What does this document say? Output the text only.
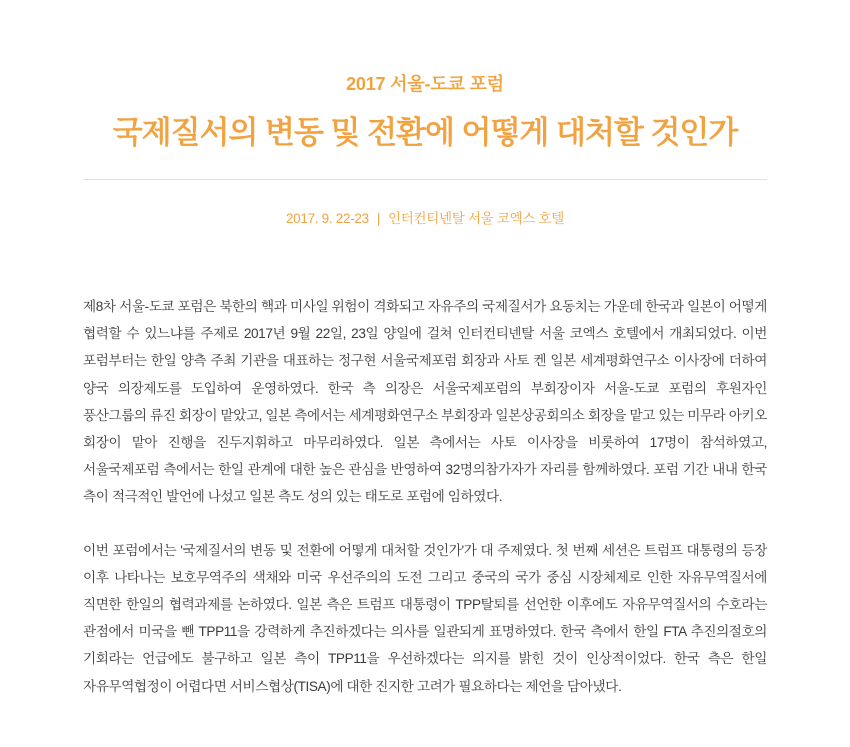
2017 서울-도쿄 포럼
국제질서의 변동 및 전환에 어떻게 대처할 것인가
2017. 9. 22-23 | 인터컨티넨탈 서울 코엑스 호텔

제8차 서울-도쿄 포럼은 북한의 핵과 미사일 위험이 격화되고 자유주의 국제질서가 요동치는 가운데 한국과 일본이 어떻게 협력할 수 있느냐를 주제로 2017년 9월 22일, 23일 양일에 걸쳐 인터컨티넨탈 서울 코엑스 호텔에서 개최되었다. 이번 포럼부터는 한일 양측 주최 기관을 대표하는 정구현 서울국제포럼 회장과 사토 켄 일본 세계평화연구소 이사장에 더하여 양국 의장제도를 도입하여 운영하였다. 한국 측 의장은 서울국제포럼의 부회장이자 서울-도쿄 포럼의 후원자인 풍산그룹의 류진 회장이 맡았고, 일본 측에서는 세계평화연구소 부회장과 일본상공회의소 회장을 맡고 있는 미무라 아키오 회장이 맡아 진행을 진두지휘하고 마무리하였다. 일본 측에서는 사토 이사장을 비롯하여 17명이 참석하였고, 서울국제포럼 측에서는 한일 관계에 대한 높은 관심을 반영하여 32명의참가자가 자리를 함께하였다. 포럼 기간 내내 한국 측이 적극적인 발언에 나섰고 일본 측도 성의 있는 태도로 포럼에 임하였다.

이번 포럼에서는 '국제질서의 변동 및 전환에 어떻게 대처할 것인가'가 대 주제였다. 첫 번째 세션은 트럼프 대통령의 등장 이후 나타나는 보호무역주의 색채와 미국 우선주의의 도전 그리고 중국의 국가 중심 시장체제로 인한 자유무역질서에 직면한 한일의 협력과제를 논하였다. 일본 측은 트럼프 대통령이 TPP탈퇴를 선언한 이후에도 자유무역질서의 수호라는 관점에서 미국을 뺀 TPP11을 강력하게 추진하겠다는 의사를 일관되게 표명하였다. 한국 측에서 한일 FTA 추진의절호의 기회라는 언급에도 불구하고 일본 측이 TPP11을 우선하겠다는 의지를 밝힌 것이 인상적이었다. 한국 측은 한일 자유무역협정이 어렵다면 서비스협상(TISA)에 대한 진지한 고려가 필요하다는 제언을 담아냈다.
